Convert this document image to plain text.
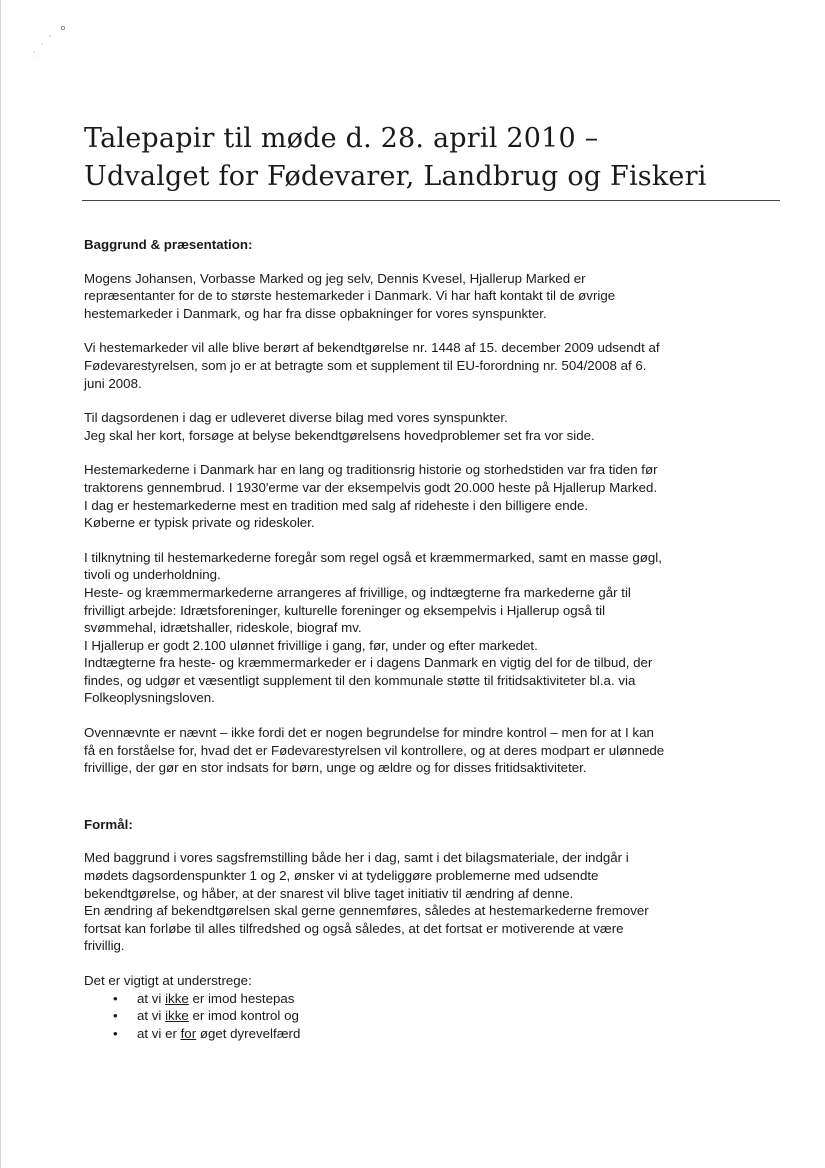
Talepapir til møde d. 28. april 2010 –
Udvalget for Fødevarer, Landbrug og Fiskeri
Baggrund & præsentation:

Mogens Johansen, Vorbasse Marked og jeg selv, Dennis Kvesel, Hjallerup Marked er
repræsentanter for de to største hestemarkeder i Danmark. Vi har haft kontakt til de øvrige
hestemarkeder i Danmark, og har fra disse opbakninger for vores synspunkter.

Vi hestemarkeder vil alle blive berørt af bekendtgørelse nr. 1448 af 15. december 2009 udsendt af
Fødevarestyrelsen, som jo er at betragte som et supplement til EU-forordning nr. 504/2008 af 6.
juni 2008.

Til dagsordenen i dag er udleveret diverse bilag med vores synspunkter.
Jeg skal her kort, forsøge at belyse bekendtgørelsens hovedproblemer set fra vor side.

Hestemarkederne i Danmark har en lang og traditionsrig historie og storhedstiden var fra tiden før
traktorens gennembrud. I 1930'erme var der eksempelvis godt 20.000 heste på Hjallerup Marked.
I dag er hestemarkederne mest en tradition med salg af rideheste i den billigere ende.
Køberne er typisk private og rideskoler.

I tilknytning til hestemarkederne foregår som regel også et kræmmermarked, samt en masse gøgl,
tivoli og underholdning.
Heste- og kræmmermarkederne arrangeres af frivillige, og indtægterne fra markederne går til
frivilligt arbejde: Idrætsforeninger, kulturelle foreninger og eksempelvis i Hjallerup også til
svømmehal, idrætshaller, rideskole, biograf mv.
I Hjallerup er godt 2.100 ulønnet frivillige i gang, før, under og efter markedet.
Indtægterne fra heste- og kræmmermarkeder er i dagens Danmark en vigtig del for de tilbud, der
findes, og udgør et væsentligt supplement til den kommunale støtte til fritidsaktiviteter bl.a. via
Folkeoplysningsloven.

Ovennævnte er nævnt – ikke fordi det er nogen begrundelse for mindre kontrol – men for at I kan
få en forståelse for, hvad det er Fødevarestyrelsen vil kontrollere, og at deres modpart er ulønnede
frivillige, der gør en stor indsats for børn, unge og ældre og for disses fritidsaktiviteter.

Formål:

Med baggrund i vores sagsfremstilling både her i dag, samt i det bilagsmateriale, der indgår i
mødets dagsordenspunkter 1 og 2, ønsker vi at tydeliggøre problemerne med udsendte
bekendtgørelse, og håber, at der snarest vil blive taget initiativ til ændring af denne.
En ændring af bekendtgørelsen skal gerne gennemføres, således at hestemarkederne fremover
fortsat kan forløbe til alles tilfredshed og også således, at det fortsat er motiverende at være
frivillig.

Det er vigtigt at understrege:

• at vi ikke er imod hestepas
• at vi ikke er imod kontrol og
• at vi er for øget dyrevelfærd
